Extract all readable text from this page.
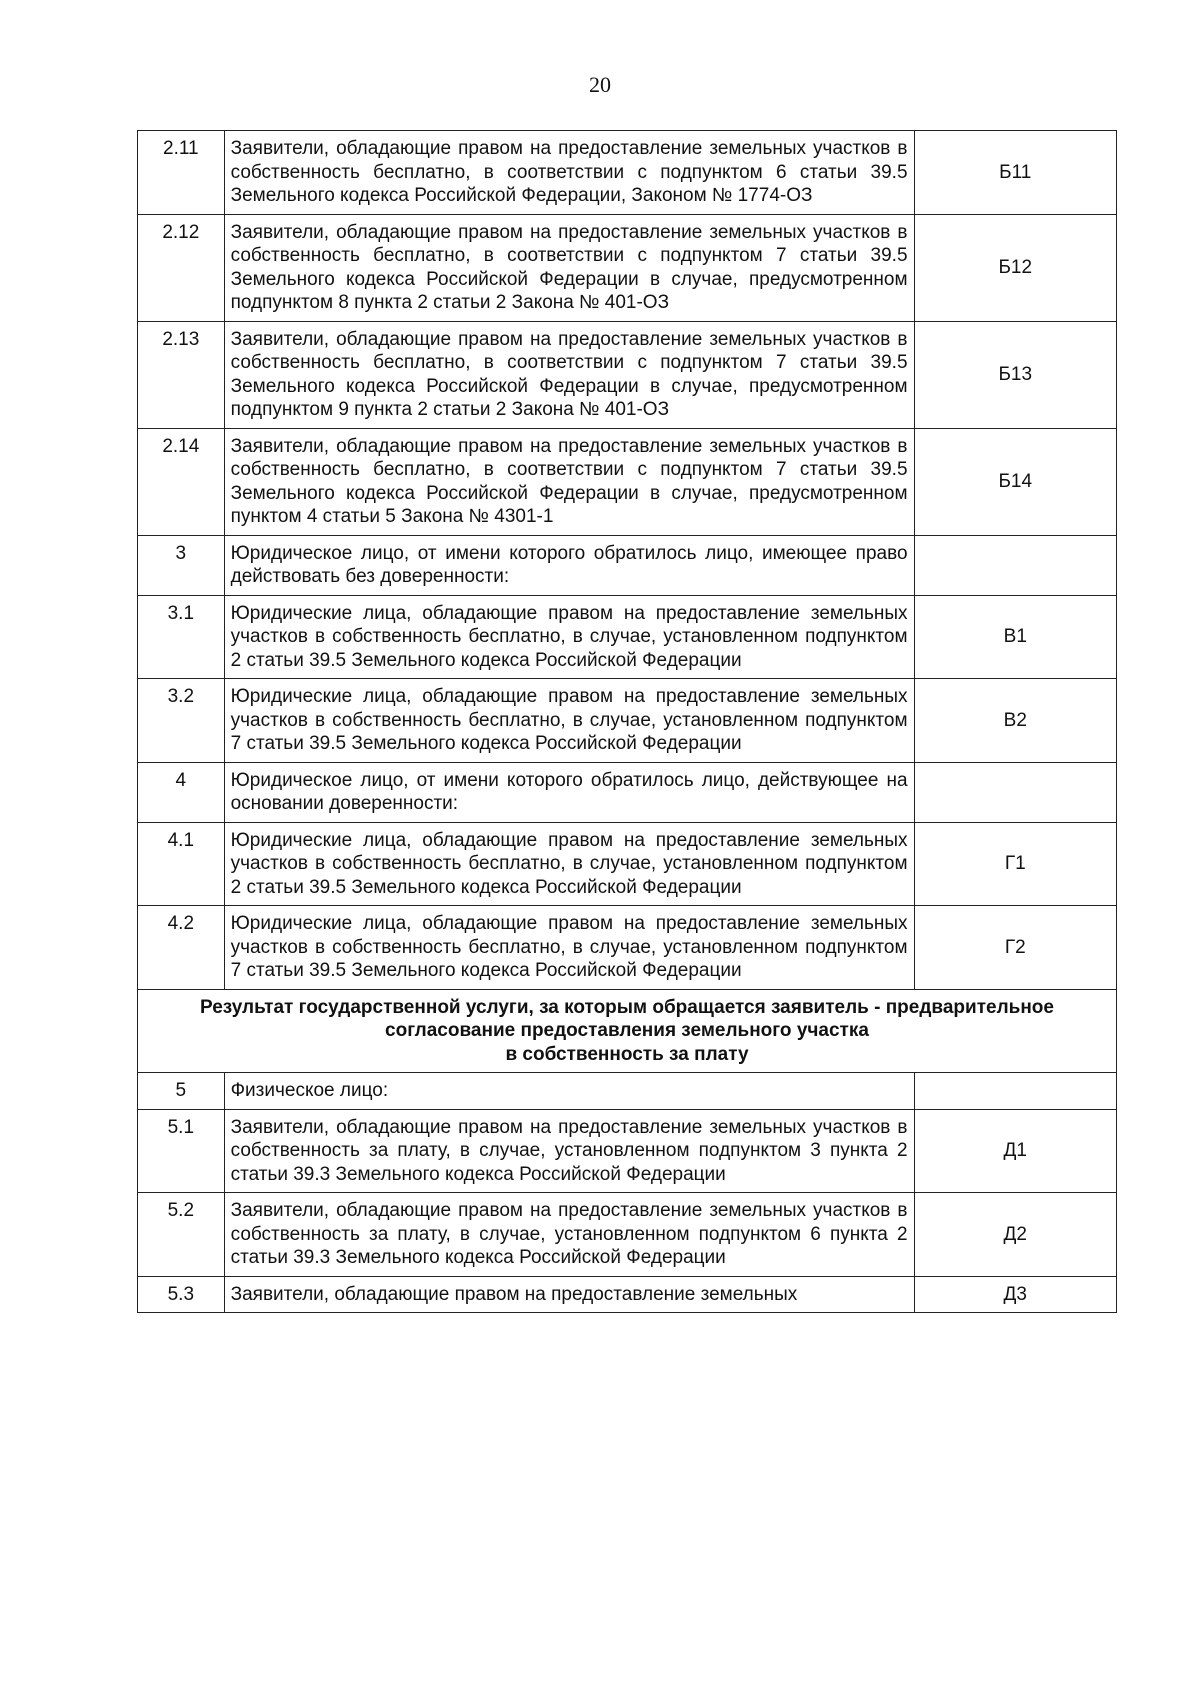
20
2.11	Заявители, обладающие правом на предоставление земельных участков в собственность бесплатно, в соответствии с подпунктом 6 статьи 39.5 Земельного кодекса Российской Федерации, Законом № 1774-ОЗ	Б11
2.12	Заявители, обладающие правом на предоставление земельных участков в собственность бесплатно, в соответствии с подпунктом 7 статьи 39.5 Земельного кодекса Российской Федерации в случае, предусмотренном подпунктом 8 пункта 2 статьи 2 Закона № 401-ОЗ	Б12
2.13	Заявители, обладающие правом на предоставление земельных участков в собственность бесплатно, в соответствии с подпунктом 7 статьи 39.5 Земельного кодекса Российской Федерации в случае, предусмотренном подпунктом 9 пункта 2 статьи 2 Закона № 401-ОЗ	Б13
2.14	Заявители, обладающие правом на предоставление земельных участков в собственность бесплатно, в соответствии с подпунктом 7 статьи 39.5 Земельного кодекса Российской Федерации в случае, предусмотренном пунктом 4 статьи 5 Закона № 4301-1	Б14
3	Юридическое лицо, от имени которого обратилось лицо, имеющее право действовать без доверенности:	
3.1	Юридические лица, обладающие правом на предоставление земельных участков в собственность бесплатно, в случае, установленном подпунктом 2 статьи 39.5 Земельного кодекса Российской Федерации	В1
3.2	Юридические лица, обладающие правом на предоставление земельных участков в собственность бесплатно, в случае, установленном подпунктом 7 статьи 39.5 Земельного кодекса Российской Федерации	В2
4	Юридическое лицо, от имени которого обратилось лицо, действующее на основании доверенности:	
4.1	Юридические лица, обладающие правом на предоставление земельных участков в собственность бесплатно, в случае, установленном подпунктом 2 статьи 39.5 Земельного кодекса Российской Федерации	Г1
4.2	Юридические лица, обладающие правом на предоставление земельных участков в собственность бесплатно, в случае, установленном подпунктом 7 статьи 39.5 Земельного кодекса Российской Федерации	Г2

Результат государственной услуги, за которым обращается заявитель - предварительное
согласование предоставления земельного участка
в собственность за плату		

5	Физическое лицо:	
5.1	Заявители, обладающие правом на предоставление земельных участков в собственность за плату, в случае, установленном подпунктом 3 пункта 2 статьи 39.3 Земельного кодекса Российской Федерации	Д1
5.2	Заявители, обладающие правом на предоставление земельных участков в собственность за плату, в случае, установленном подпунктом 6 пункта 2 статьи 39.3 Земельного кодекса Российской Федерации	Д2
5.3	Заявители, обладающие правом на предоставление земельных	Д3
